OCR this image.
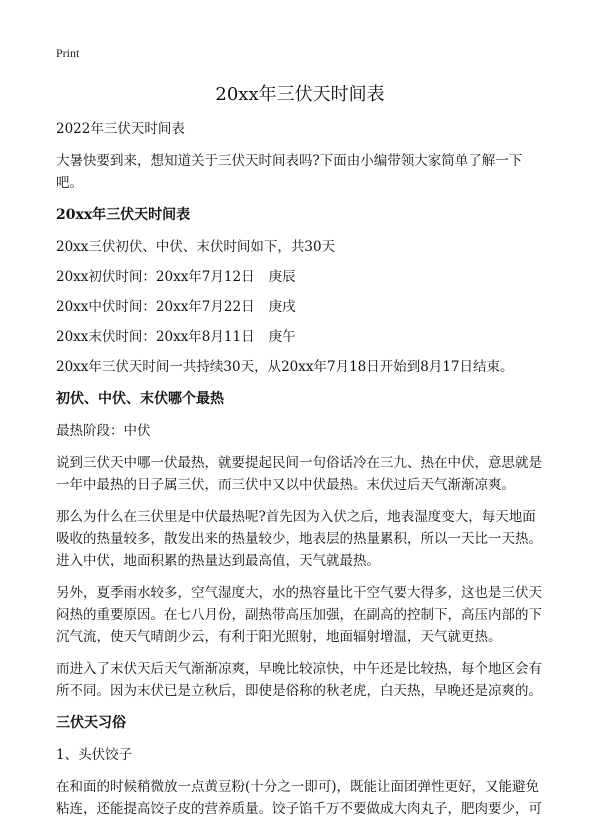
Print
20xx年三伏天时间表

2022年三伏天时间表

大暑快要到来，想知道关于三伏天时间表吗?下面由小编带领大家简单了解一下吧。

20xx年三伏天时间表

20xx三伏初伏、中伏、末伏时间如下，共30天

20xx初伏时间：20xx年7月12日 庚辰

20xx中伏时间：20xx年7月22日 庚戌

20xx末伏时间：20xx年8月11日 庚午

20xx年三伏天时间一共持续30天，从20xx年7月18日开始到8月17日结束。

初伏、中伏、末伏哪个最热

最热阶段：中伏

说到三伏天中哪一伏最热，就要提起民间一句俗话冷在三九、热在中伏，意思就是一年中最热的日子属三伏，而三伏中又以中伏最热。末伏过后天气渐渐凉爽。

那么为什么在三伏里是中伏最热呢?首先因为入伏之后，地表湿度变大，每天地面吸收的热量较多，散发出来的热量较少，地表层的热量累积，所以一天比一天热。进入中伏，地面积累的热量达到最高值，天气就最热。

另外，夏季雨水较多，空气湿度大，水的热容量比干空气要大得多，这也是三伏天闷热的重要原因。在七八月份，副热带高压加强，在副高的控制下，高压内部的下沉气流，使天气晴朗少云，有利于阳光照射，地面辐射增温，天气就更热。

而进入了末伏天后天气渐渐凉爽，早晚比较凉快，中午还是比较热，每个地区会有所不同。因为末伏已是立秋后，即使是俗称的秋老虎，白天热，早晚还是凉爽的。

三伏天习俗

1、头伏饺子

在和面的时候稍微放一点黄豆粉(十分之一即可)，既能让面团弹性更好，又能避免粘连，还能提高饺子皮的营养质量。饺子馅千万不要做成大肉丸子，肥肉要少，可
